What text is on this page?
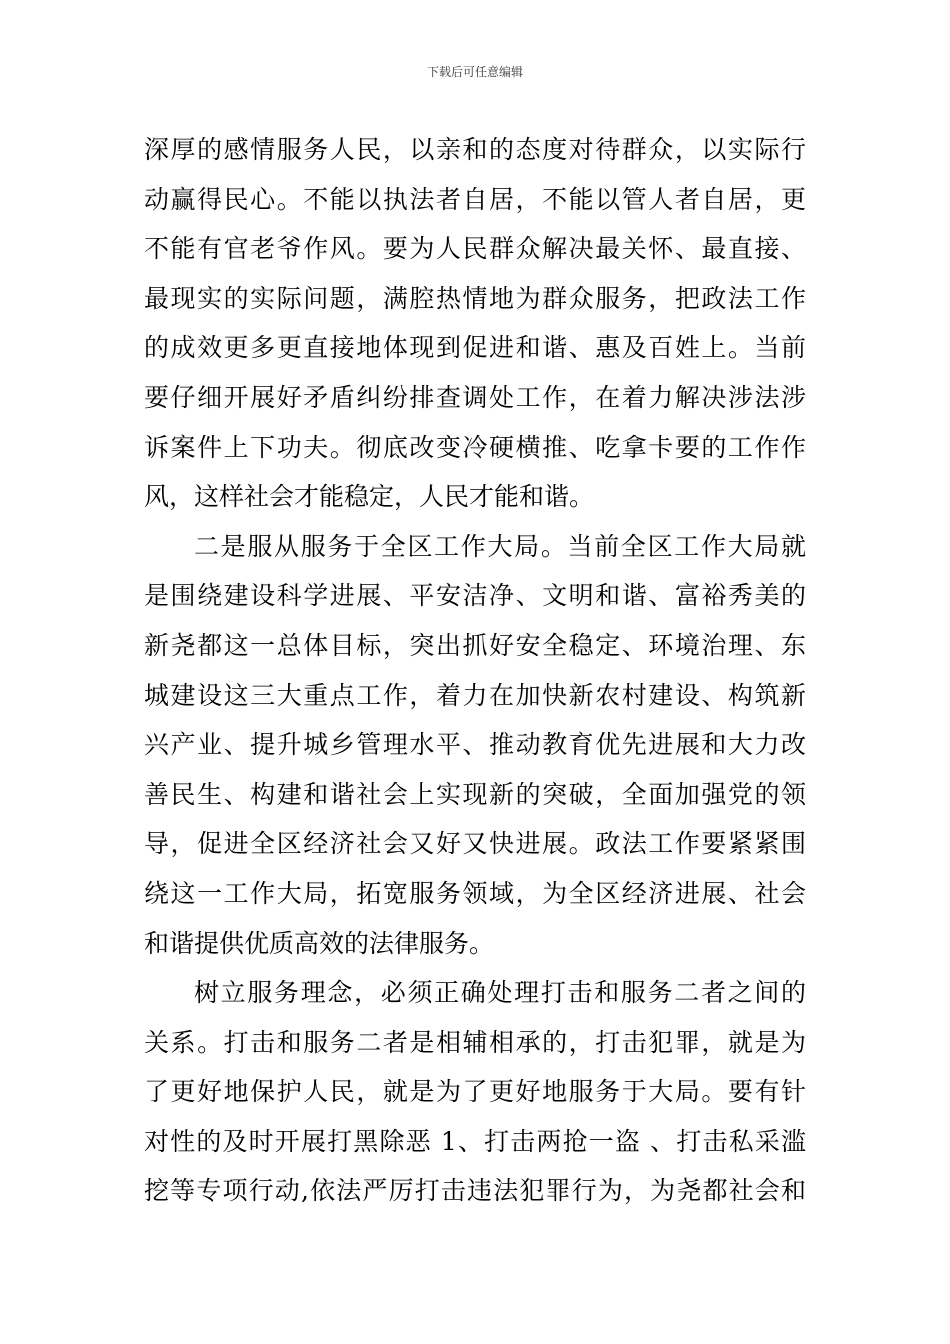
下载后可任意编辑
深厚的感情服务人民，以亲和的态度对待群众，以实际行
动赢得民心。不能以执法者自居，不能以管人者自居，更
不能有官老爷作风。要为人民群众解决最关怀、最直接、
最现实的实际问题，满腔热情地为群众服务，把政法工作
的成效更多更直接地体现到促进和谐、惠及百姓上。当前
要仔细开展好矛盾纠纷排查调处工作，在着力解决涉法涉
诉案件上下功夫。彻底改变冷硬横推、吃拿卡要的工作作
风，这样社会才能稳定，人民才能和谐。
二是服从服务于全区工作大局。当前全区工作大局就
是围绕建设科学进展、平安洁净、文明和谐、富裕秀美的
新尧都这一总体目标，突出抓好安全稳定、环境治理、东
城建设这三大重点工作，着力在加快新农村建设、构筑新
兴产业、提升城乡管理水平、推动教育优先进展和大力改
善民生、构建和谐社会上实现新的突破，全面加强党的领
导，促进全区经济社会又好又快进展。政法工作要紧紧围
绕这一工作大局，拓宽服务领域，为全区经济进展、社会
和谐提供优质高效的法律服务。
树立服务理念，必须正确处理打击和服务二者之间的
关系。打击和服务二者是相辅相承的，打击犯罪，就是为
了更好地保护人民，就是为了更好地服务于大局。要有针
对性的及时开展打黑除恶 1、打击两抢一盗 、打击私采滥
挖等专项行动,依法严厉打击违法犯罪行为，为尧都社会和
